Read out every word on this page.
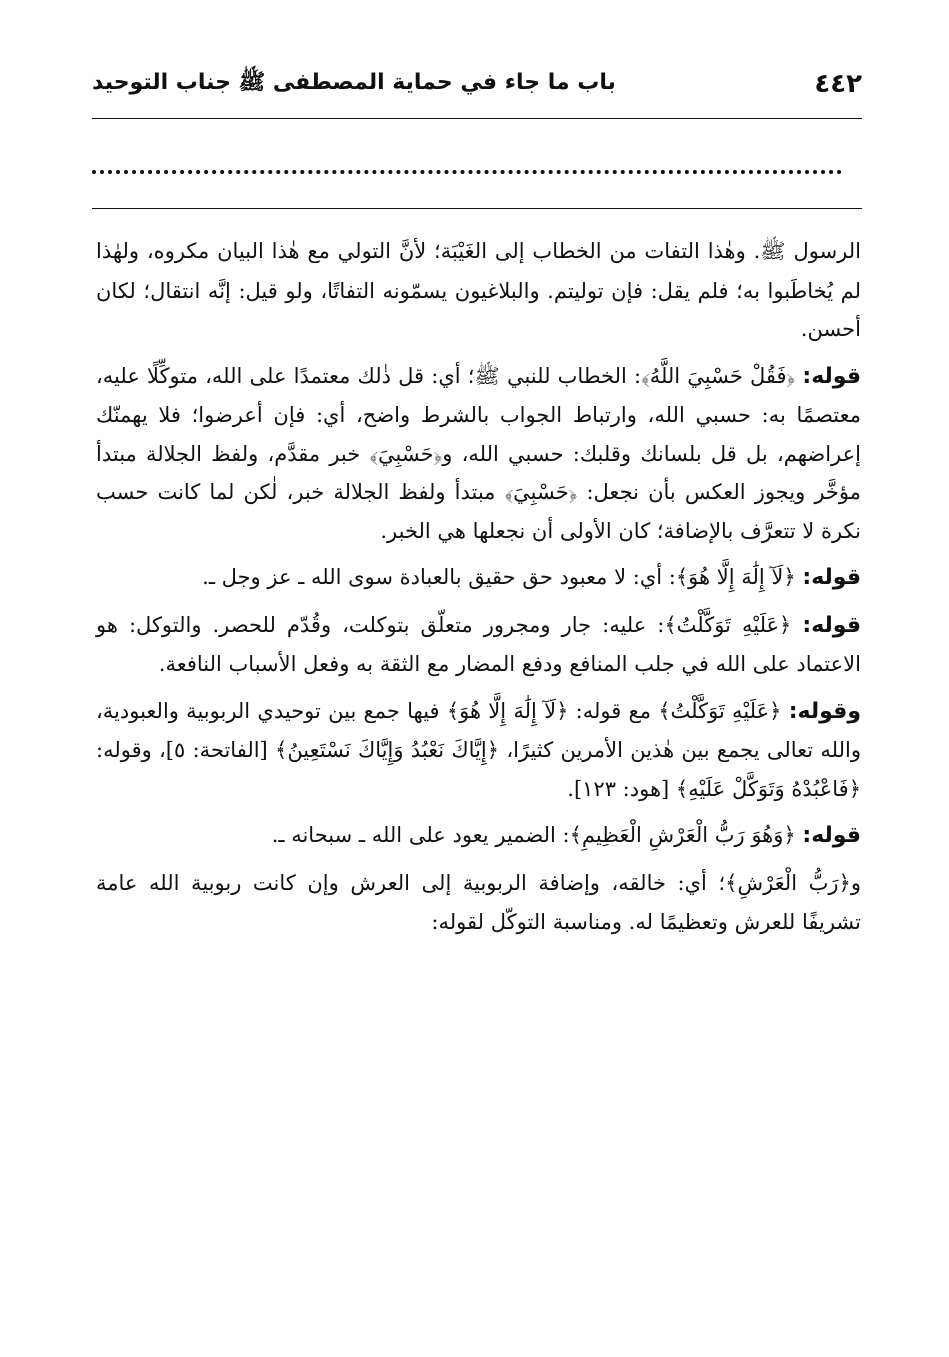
٤٤٢
باب ما جاء في حماية المصطفى ﷺ جناب التوحيد

الرسول ﷺ. وهٰذا التفات من الخطاب إلى الغَيْبَة؛ لأنَّ التولي مع هٰذا البيان مكروه، ولهٰذا لم يُخاطَبوا به؛ فلم يقل: فإن توليتم. والبلاغيون يسمّونه التفاتًا، ولو قيل: إنَّه انتقال؛ لكان أحسن.

قوله: ﴿فَقُلْ حَسْبِيَ اللَّهُ﴾: الخطاب للنبي ﷺ؛ أي: قل ذٰلك معتمدًا على الله، متوكِّلًا عليه، معتصمًا به: حسبي الله، وارتباط الجواب بالشرط واضح، أي: فإن أعرضوا؛ فلا يهمنّك إعراضهم، بل قل بلسانك وقلبك: حسبي الله، و﴿حَسْبِيَ﴾ خبر مقدَّم، ولفظ الجلالة مبتدأ مؤخَّر ويجوز العكس بأن نجعل: ﴿حَسْبِيَ﴾ مبتدأ ولفظ الجلالة خبر، لٰكن لما كانت حسب نكرة لا تتعرَّف بالإضافة؛ كان الأولى أن نجعلها هي الخبر.

قوله: ﴿لَآ إِلَٰهَ إِلَّا هُوَ﴾: أي: لا معبود حق حقيق بالعبادة سوى الله ـ عز وجل ـ.

قوله: ﴿عَلَيْهِ تَوَكَّلْتُ﴾: عليه: جار ومجرور متعلّق بتوكلت، وقُدّم للحصر. والتوكل: هو الاعتماد على الله في جلب المنافع ودفع المضار مع الثقة به وفعل الأسباب النافعة.

وقوله: ﴿عَلَيْهِ تَوَكَّلْتُ﴾ مع قوله: ﴿لَآ إِلَٰهَ إِلَّا هُوَ﴾ فيها جمع بين توحيدي الربوبية والعبودية، والله تعالى يجمع بين هٰذين الأمرين كثيرًا، ﴿إِيَّاكَ نَعْبُدُ وَإِيَّاكَ نَسْتَعِينُ﴾ [الفاتحة: ٥]، وقوله: ﴿فَاعْبُدْهُ وَتَوَكَّلْ عَلَيْهِ﴾ [هود: ١٢٣].

قوله: ﴿وَهُوَ رَبُّ الْعَرْشِ الْعَظِيمِ﴾: الضمير يعود على الله ـ سبحانه ـ.

و﴿رَبُّ الْعَرْشِ﴾؛ أي: خالقه، وإضافة الربوبية إلى العرش وإن كانت ربوبية الله عامة تشريفًا للعرش وتعظيمًا له. ومناسبة التوكّل لقوله:
